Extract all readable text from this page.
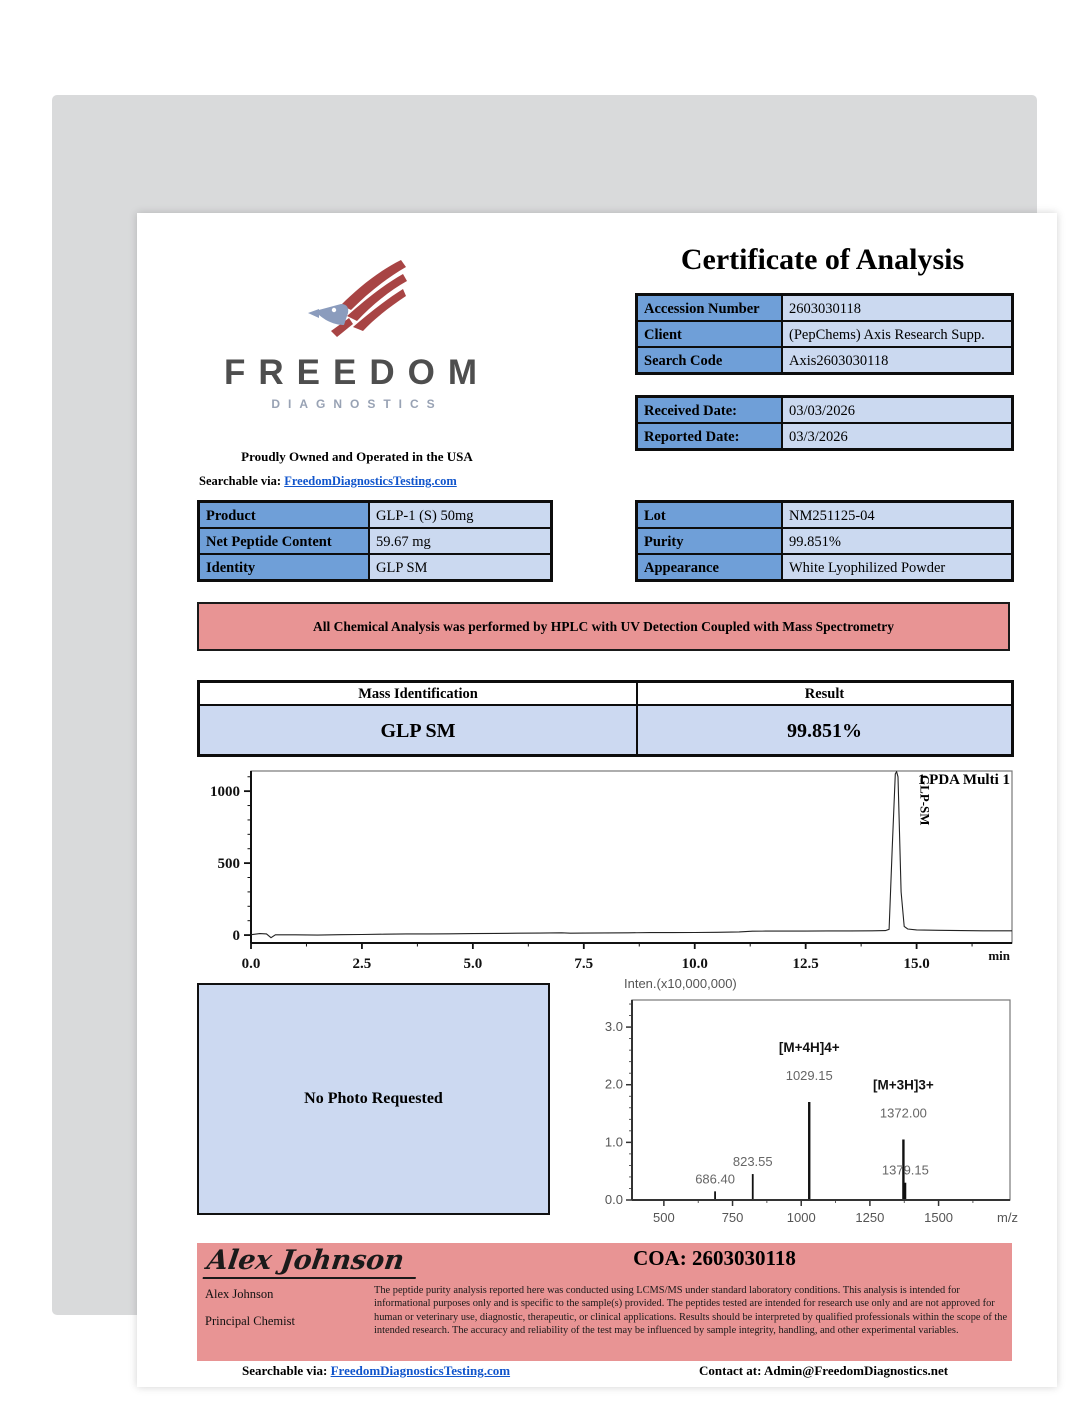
FREEDOM
DIAGNOSTICS
Proudly Owned and Operated in the USA
Searchable via: FreedomDiagnosticsTesting.com
Certificate of Analysis
Accession Number	2603030118
Client	(PepChems) Axis Research Supp.
Search Code	Axis2603030118
Received Date:	03/03/2026
Reported Date:	03/3/2026
Product	GLP-1 (S) 50mg
Net Peptide Content	59.67 mg
Identity	GLP SM
Lot	NM251125-04
Purity	99.851%
Appearance	White Lyophilized Powder
All Chemical Analysis was performed by HPLC with UV Detection Coupled with Mass Spectrometry
Mass Identification	Result
GLP SM	99.851%
0
500
1000
0.0	2.5	5.0	7.5	10.0	12.5	15.0
min
1 PDA Multi 1
GLP-SM
No Photo Requested
Inten.(x10,000,000)
0.0
1.0
2.0
3.0
500	750	1000	1250	1500	m/z
686.40
823.55
1029.15
[M+4H]4+
1372.00
[M+3H]3+
1379.15
Alex Johnson
Alex Johnson
Principal Chemist
COA: 2603030118
The peptide purity analysis reported here was conducted using LCMS/MS under standard laboratory conditions. This analysis is intended for informational purposes only and is specific to the sample(s) provided. The peptides tested are intended for research use only and are not approved for human or veterinary use, diagnostic, therapeutic, or clinical applications. Results should be interpreted by qualified professionals within the scope of the intended research. The accuracy and reliability of the test may be influenced by sample integrity, handling, and other experimental variables.
Searchable via: FreedomDiagnosticsTesting.com	Contact at: Admin@FreedomDiagnostics.net
